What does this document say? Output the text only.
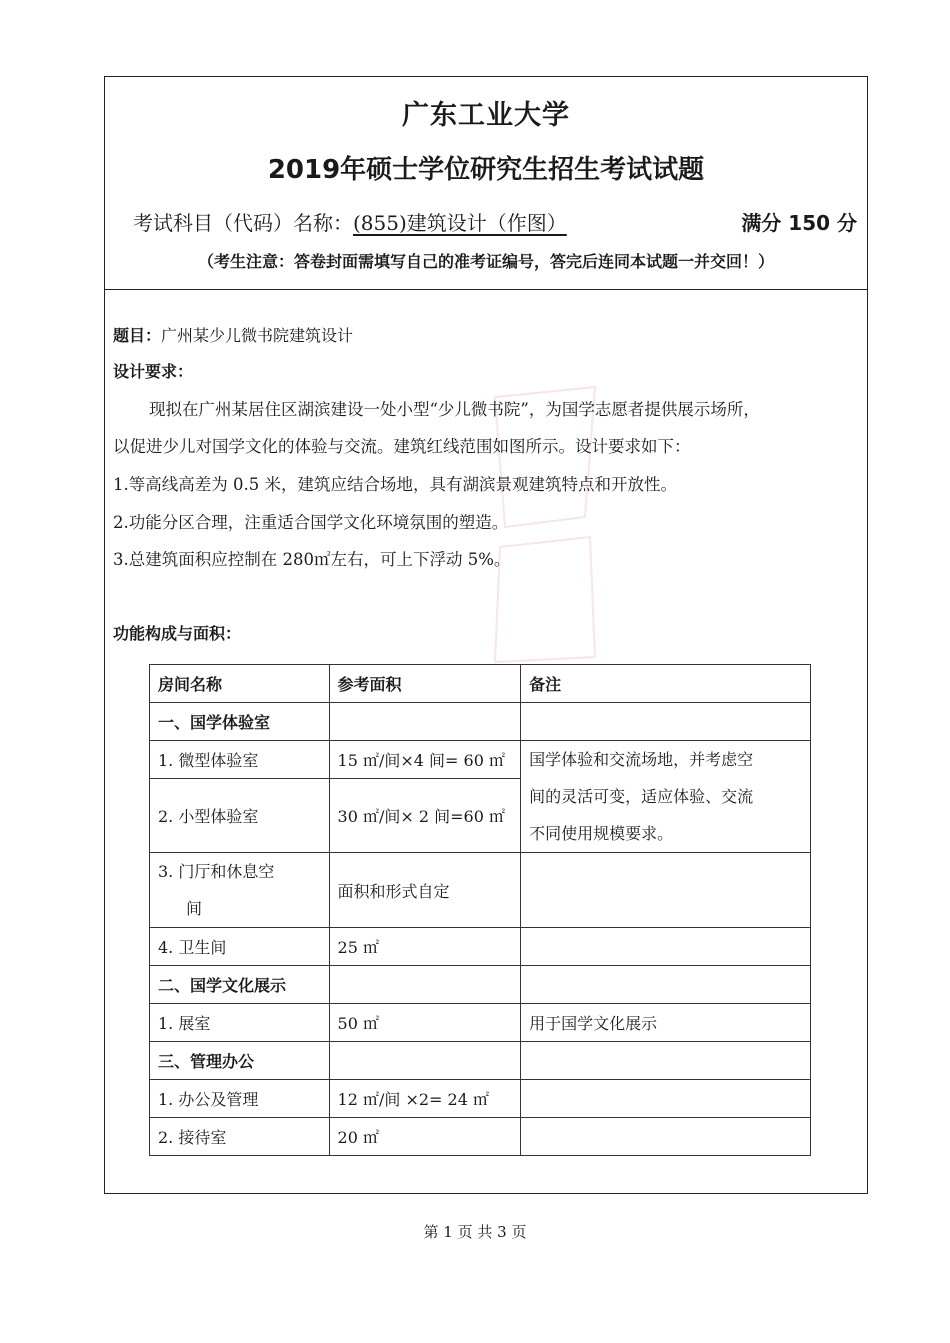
广东工业大学
2019年硕士学位研究生招生考试试题
考试科目（代码）名称：(855)建筑设计（作图）	满分 150 分
（考生注意：答卷封面需填写自己的准考证编号，答完后连同本试题一并交回！）
题目：广州某少儿微书院建筑设计
设计要求：
现拟在广州某居住区湖滨建设一处小型“少儿微书院”，为国学志愿者提供展示场所，
以促进少儿对国学文化的体验与交流。建筑红线范围如图所示。设计要求如下：
1.等高线高差为 0.5 米，建筑应结合场地，具有湖滨景观建筑特点和开放性。
2.功能分区合理，注重适合国学文化环境氛围的塑造。
3.总建筑面积应控制在 280㎡左右，可上下浮动 5%。
功能构成与面积：
房间名称	参考面积	备注
一、国学体验室		
1. 微型体验室	15 ㎡/间×4 间= 60 ㎡	国学体验和交流场地，并考虑空
间的灵活可变，适应体验、交流
不同使用规模要求。

2. 小型体验室	30 ㎡/间× 2 间=60 ㎡	

3. 门厅和休息空
间	面积和形式自定	
4. 卫生间	25 ㎡	
二、国学文化展示		
1. 展室	50 ㎡	用于国学文化展示
三、管理办公		
1. 办公及管理	12 ㎡/间 ×2= 24 ㎡	
2. 接待室	20 ㎡	
第 1 页 共 3 页
